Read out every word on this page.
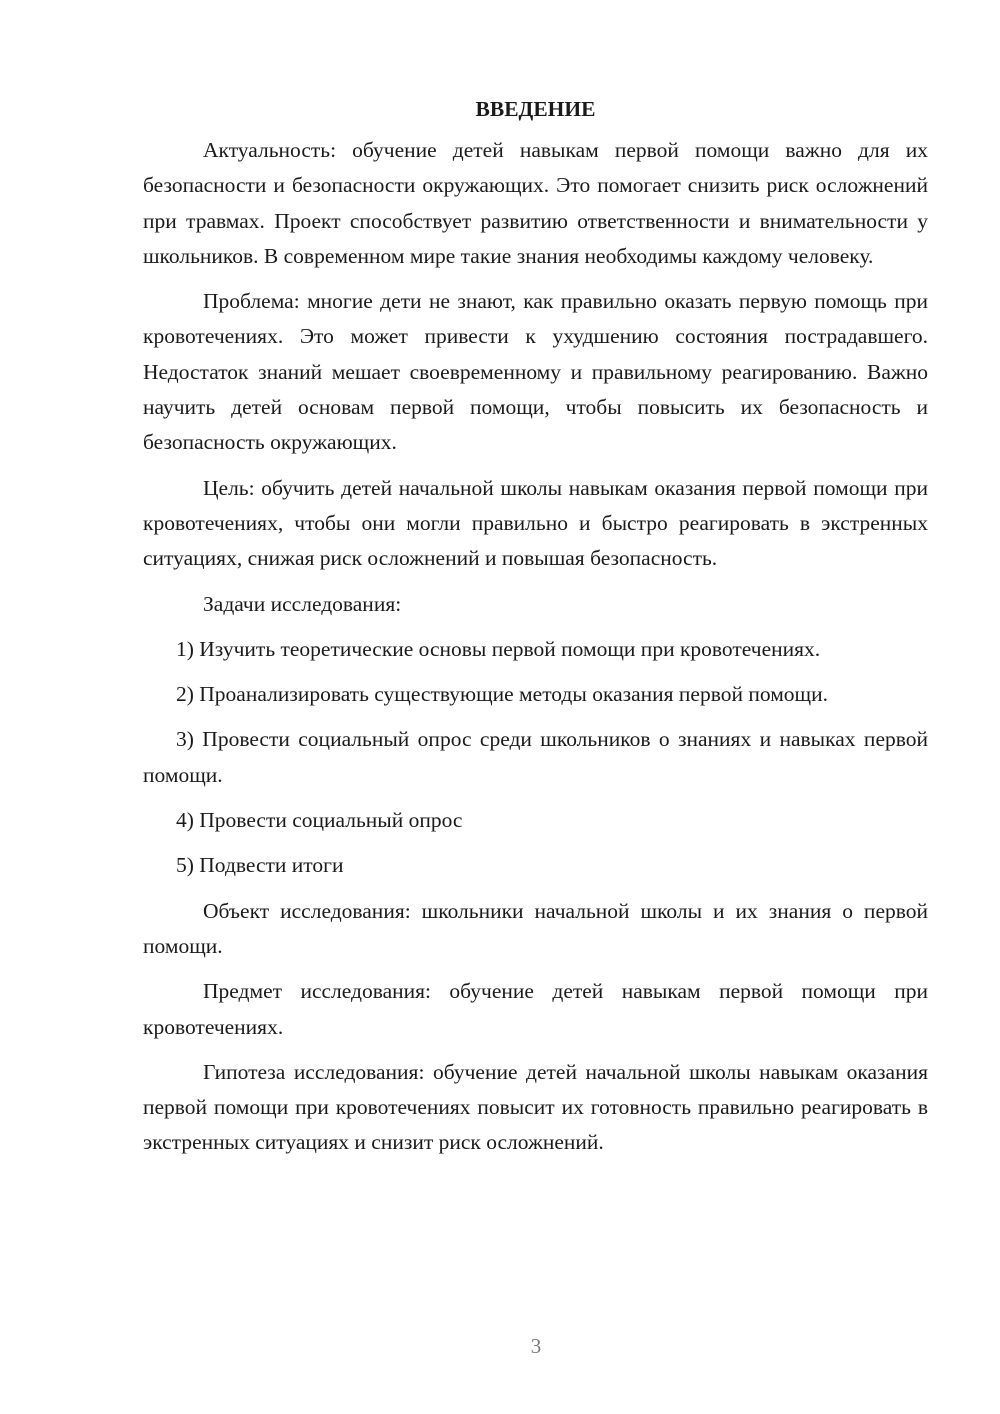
ВВЕДЕНИЕ

Актуальность: обучение детей навыкам первой помощи важно для их безопасности и безопасности окружающих. Это помогает снизить риск осложнений при травмах. Проект способствует развитию ответственности и внимательности у школьников. В современном мире такие знания необходимы каждому человеку.

Проблема: многие дети не знают, как правильно оказать первую помощь при кровотечениях. Это может привести к ухудшению состояния пострадавшего. Недостаток знаний мешает своевременному и правильному реагированию. Важно научить детей основам первой помощи, чтобы повысить их безопасность и безопасность окружающих.

Цель: обучить детей начальной школы навыкам оказания первой помощи при кровотечениях, чтобы они могли правильно и быстро реагировать в экстренных ситуациях, снижая риск осложнений и повышая безопасность.

Задачи исследования:

1) Изучить теоретические основы первой помощи при кровотечениях.

2) Проанализировать существующие методы оказания первой помощи.

3) Провести социальный опрос среди школьников о знаниях и навыках первой помощи.

4) Провести социальный опрос

5) Подвести итоги

Объект исследования: школьники начальной школы и их знания о первой помощи.

Предмет исследования: обучение детей навыкам первой помощи при кровотечениях.

Гипотеза исследования: обучение детей начальной школы навыкам оказания первой помощи при кровотечениях повысит их готовность правильно реагировать в экстренных ситуациях и снизит риск осложнений.

3
